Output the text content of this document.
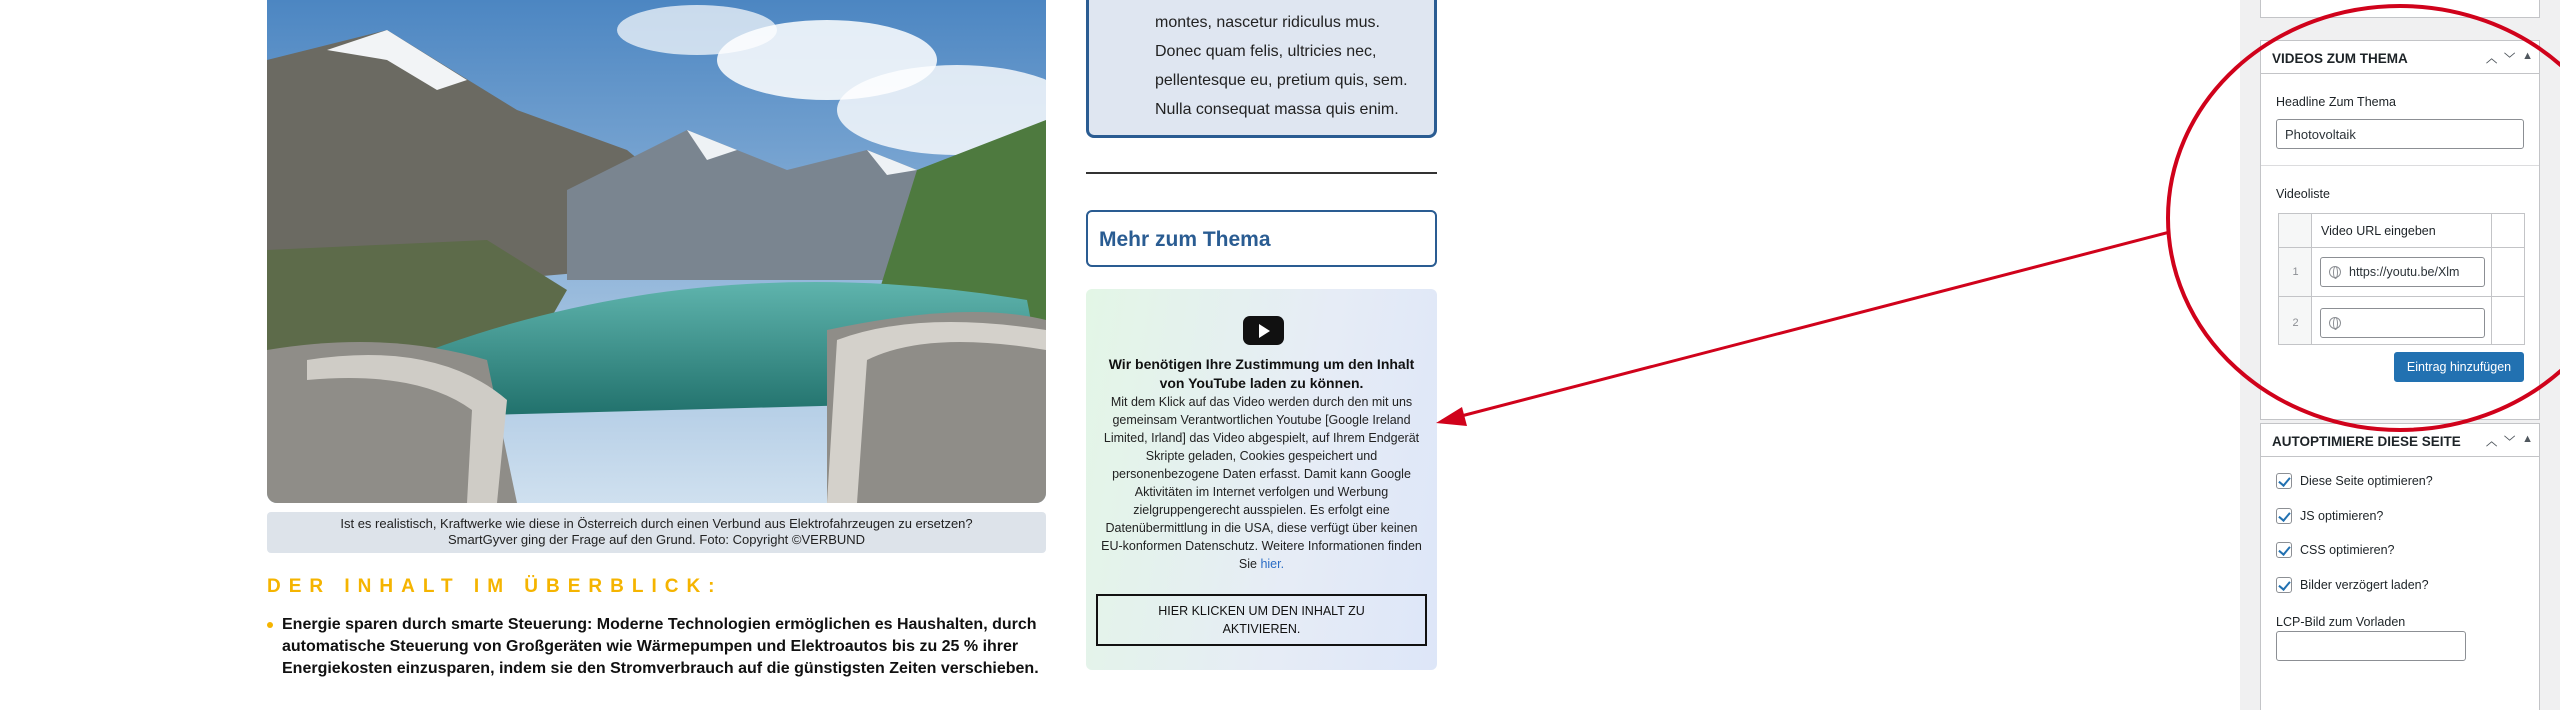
Ist es realistisch, Kraftwerke wie diese in Österreich durch einen Verbund aus Elektrofahrzeugen zu ersetzen?
SmartGyver ging der Frage auf den Grund. Foto: Copyright ©VERBUND
DER INHALT IM ÜBERBLICK:
Energie sparen durch smarte Steuerung: Moderne Technologien ermöglichen es Haushalten, durch automatische Steuerung von Großgeräten wie Wärmepumpen und Elektroautos bis zu 25 % ihrer Energiekosten einzusparen, indem sie den Stromverbrauch auf die günstigsten Zeiten verschieben.
montes, nascetur ridiculus mus.
Donec quam felis, ultricies nec,
pellentesque eu, pretium quis, sem.
Nulla consequat massa quis enim.
Mehr zum Thema
Wir benötigen Ihre Zustimmung um den Inhalt von YouTube laden zu können.
Mit dem Klick auf das Video werden durch den mit uns gemeinsam Verantwortlichen Youtube [Google Ireland Limited, Irland] das Video abgespielt, auf Ihrem Endgerät Skripte geladen, Cookies gespeichert und personenbezogene Daten erfasst. Damit kann Google Aktivitäten im Internet verfolgen und Werbung zielgruppengerecht ausspielen. Es erfolgt eine Datenübermittlung in die USA, diese verfügt über keinen EU-konformen Datenschutz. Weitere Informationen finden Sie hier.
HIER KLICKEN UM DEN INHALT ZU AKTIVIEREN.
VIDEOS ZUM THEMA	︿ ﹀ ▲
Headline Zum Thema
Photovoltaik
Videoliste
Video URL eingeben
1
https://youtu.be/Xlm
2
Eintrag hinzufügen
AUTOPTIMIERE DIESE SEITE ︿ ﹀ ▲
Diese Seite optimieren?
JS optimieren?
CSS optimieren?
Bilder verzögert laden?
LCP-Bild zum Vorladen
